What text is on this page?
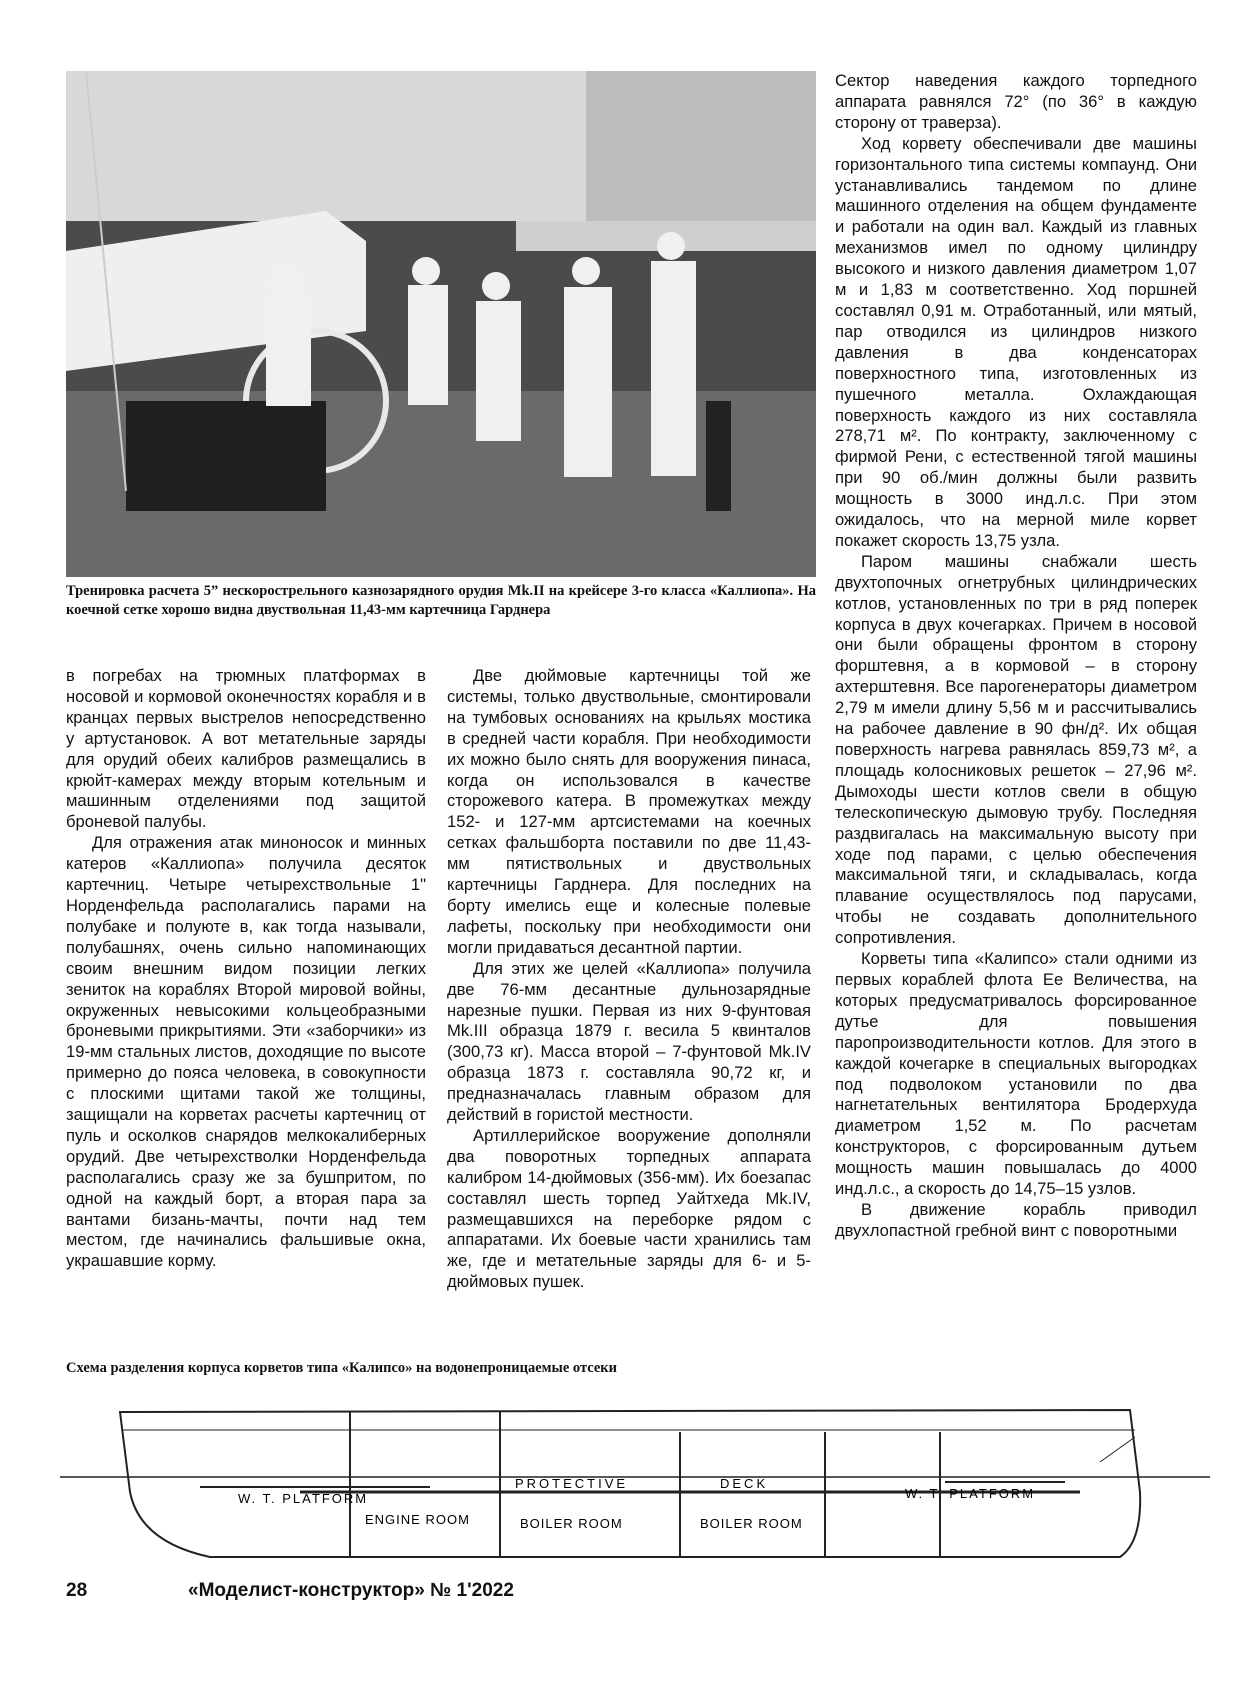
Тренировка расчета 5” нескорострельного казнозарядного орудия Mk.II на крейсере 3-го класса «Каллиопа». На коечной сетке хорошо видна двуствольная 11,43-мм картечница Гарднера

в погребах на трюмных платформах в носовой и кормовой оконечностях корабля и в кранцах первых выстрелов непосредственно у артустановок. А вот метательные заряды для орудий обеих калибров размещались в крюйт-камерах между вторым котельным и машинным отделениями под защитой броневой палубы.

Для отражения атак миноносок и минных катеров «Каллиопа» получила десяток картечниц. Четыре четырехствольные 1" Норденфельда располагались парами на полубаке и полуюте в, как тогда называли, полубашнях, очень сильно напоминающих своим внешним видом позиции легких зениток на кораблях Второй мировой войны, окруженных невысокими кольцеобразными броневыми прикрытиями. Эти «заборчики» из 19-мм стальных листов, доходящие по высоте примерно до пояса человека, в совокупности с плоскими щитами такой же толщины, защищали на корветах расчеты картечниц от пуль и осколков снарядов мелкокалиберных орудий. Две четырехстволки Норденфельда располагались сразу же за бушпритом, по одной на каждый борт, а вторая пара за вантами бизань-мачты, почти над тем местом, где начинались фальшивые окна, украшавшие корму.

Две дюймовые картечницы той же системы, только двуствольные, смонтировали на тумбовых основаниях на крыльях мостика в средней части корабля. При необходимости их можно было снять для вооружения пинаса, когда он использовался в качестве сторожевого катера. В промежутках между 152- и 127-мм артсистемами на коечных сетках фальшборта поставили по две 11,43-мм пятиствольных и двуствольных картечницы Гарднера. Для последних на борту имелись еще и колесные полевые лафеты, поскольку при необходимости они могли придаваться десантной партии.

Для этих же целей «Каллиопа» получила две 76-мм десантные дульнозарядные нарезные пушки. Первая из них 9-фунтовая Mk.III образца 1879 г. весила 5 квинталов (300,73 кг). Масса второй – 7-фунтовой Mk.IV образца 1873 г. составляла 90,72 кг, и предназначалась главным образом для действий в гористой местности.

Артиллерийское вооружение дополняли два поворотных торпедных аппарата калибром 14-дюймовых (356-мм). Их боезапас составлял шесть торпед Уайтхеда Mk.IV, размещавшихся на переборке рядом с аппаратами. Их боевые части хранились там же, где и метательные заряды для 6- и 5-дюймовых пушек.

Сектор наведения каждого торпедного аппарата равнялся 72° (по 36° в каждую сторону от траверза).

Ход корвету обеспечивали две машины горизонтального типа системы компаунд. Они устанавливались тандемом по длине машинного отделения на общем фундаменте и работали на один вал. Каждый из главных механизмов имел по одному цилиндру высокого и низкого давления диаметром 1,07 м и 1,83 м соответственно. Ход поршней составлял 0,91 м. Отработанный, или мятый, пар отводился из цилиндров низкого давления в два конденсаторах поверхностного типа, изготовленных из пушечного металла. Охлаждающая поверхность каждого из них составляла 278,71 м². По контракту, заключенному с фирмой Рени, с естественной тягой машины при 90 об./мин должны были развить мощность в 3000 инд.л.с. При этом ожидалось, что на мерной миле корвет покажет скорость 13,75 узла.

Паром машины снабжали шесть двухтопочных огнетрубных цилиндрических котлов, установленных по три в ряд поперек корпуса в двух кочегарках. Причем в носовой они были обращены фронтом в сторону форштевня, а в кормовой – в сторону ахтерштевня. Все парогенераторы диаметром 2,79 м имели длину 5,56 м и рассчитывались на рабочее давление в 90 фн/д². Их общая поверхность нагрева равнялась 859,73 м², а площадь колосниковых решеток – 27,96 м². Дымоходы шести котлов свели в общую телескопическую дымовую трубу. Последняя раздвигалась на максимальную высоту при ходе под парами, с целью обеспечения максимальной тяги, и складывалась, когда плавание осуществлялось под парусами, чтобы не создавать дополнительного сопротивления.

Корветы типа «Калипсо» стали одними из первых кораблей флота Ее Величества, на которых предусматривалось форсированное дутье для повышения паропроизводительности котлов. Для этого в каждой кочегарке в специальных выгородках под подволоком установили по два нагнетательных вентилятора Бродерхуда диаметром 1,52 м. По расчетам конструкторов, с форсированным дутьем мощность машин повышалась до 4000 инд.л.с., а скорость до 14,75–15 узлов.

В движение корабль приводил двухлопастной гребной винт с поворотными

Схема разделения корпуса корветов типа «Калипсо» на водонепроницаемые отсеки
W. T. PLATFORM
ENGINE ROOM
PROTECTIVE	DECK
BOILER ROOM	BOILER ROOM
W. T. PLATFORM
28	«Моделист-конструктор» № 1'2022
